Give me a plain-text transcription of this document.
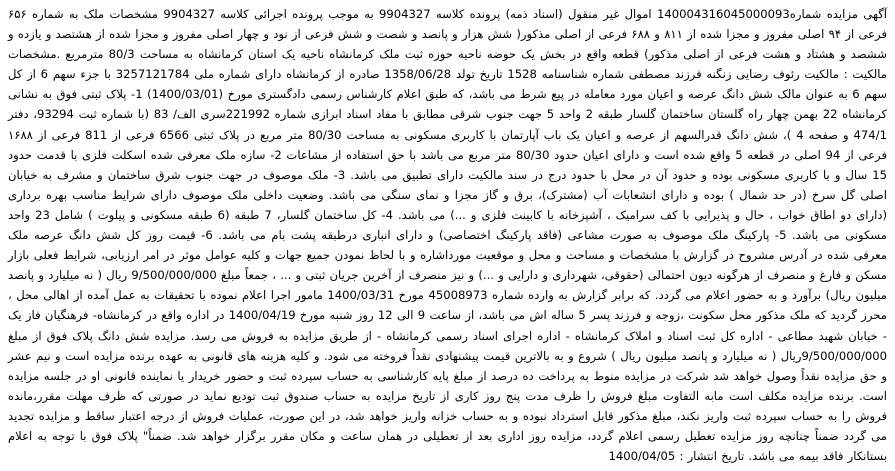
آگهی مزایده شماره140004316045000093 اموال غیر منقول (اسناد ذمه) پرونده کلاسه 9904327 به موجب پرونده اجرائی کلاسه 9904327 مشخصات ملک به شماره ۶۵۶ فرعی از ۹۴ اصلی مفروز و مجزا شده از ۸۱۱ و ۶۸۸ فرعی از اصلی مذکور( شش هزار و پانصد و شصت و شش فرعی از نود و چهار اصلی مفروز و مجزا شده از هشتصد و یازده و ششصد و هشتاد و هشت فرعی از اصلی مذکور) قطعه واقع در بخش یک حوضه ناحیه حوزه ثبت ملک کرمانشاه ناحیه یک استان کرمانشاه به مساحت 80/3 مترمربع .مشخصات مالکیت : مالکیت رئوف رضایی زنگنه فرزند مصطفی شماره شناسنامه 1528 تاریخ تولد 1358/06/28 صادره از کرمانشاه دارای شماره ملی 3257121784 با جزء سهم 6 از کل سهم 6 به عنوان مالک شش دانگ عرصه و اعیان مورد معامله در پیع شرط می باشد، که طبق اعلام کارشناس رسمی دادگستری مورخ (1400/03/01) 1- پلاک ثبتی فوق به نشانی کرمانشاه 22 بهمن چهار راه گلستان ساختمان گلسار طبقه 2 واحد 5 جهت جنوب شرقی مطابق با مفاد اسناد ابرازی شماره 221992سری الف/ 83 (با شماره ثبت 93294، دفتر 474/1 و صفحه 4 )، شش دانگ قدرالسهم از عرصه و اعیان یک باب آپارتمان با کاربری مسکونی به مساحت 80/30 متر مربع در پلاک ثبتی 6566 فرعی از 811 فرعی از ۱۶۸۸ فرعی از 94 اصلی در قطعه 5 واقع شده است و دارای اعیان حدود 80/30 متر مربع می باشد با حق استفاده از مشاعات 2- سازه ملک معرفی شده اسکلت فلزی با قدمت حدود 15 سال و با کاربری مسکونی بوده و حدود آن در محل با حدود درج در سند مالکیت دارای تطبیق می باشد. 3- ملک موصوف در جهت جنوب شرق ساختمان و مشرف به خیابان اصلی گل سرخ (در حد شمال ) بوده و دارای انشعابات آب (مشترک)، برق و گاز مجزا و نمای سنگی می باشد. وضعیت داخلی ملک موصوف دارای شرایط مناسب بهره برداری (دارای دو اطاق خواب ، حال و پذیرایی با کف سرامیک ، آشپزخانه با کابینت فلزی و ...) می باشد. 4- کل ساختمان گلسار، 7 طبقه (6 طبقه مسکونی و پیلوت ) شامل 23 واحد مسکونی می باشد. 5- پارکینگ ملک موصوف به صورت مشاعی (فاقد پارکینگ اختصاصی) و دارای انباری درطبقه پشت بام می باشد. 6- قیمت روز کل شش دانگ عرصه ملک معرفی شده در آدرس مشروح در گزارش با مشخصات و مساحت و محل و موقعیت مورداشاره و با لحاظ نمودن جمیع جهات و کلیه عوامل موثر در امر ارزیابی، شرایط فعلی بازار مسکن و فارغ و منصرف از هرگونه دیون احتمالی (حقوقی، شهرداری و دارایی و ...) و نیز منصرف از آخرین جریان ثبتی و ... ، جمعاً مبلغ 9/500/000/000 ریال ( نه میلیارد و پانصد میلیون ریال) برآورد و به حضور اعلام می گردد. که برابر گزارش به وارده شماره 45008973 مورخ 1400/03/31 مامور اجرا اعلام نموده با تحقیقات به عمل آمده از اهالی محل ، محرز گردید که ملک مذکور محل سکونت ،زوجه و فرزند پسر 5 ساله اش می باشد، از ساعت 9 الی 12 روز شنبه مورخ 1400/04/19 در اداره واقع در کرمانشاه- فرهنگیان فاز یک - خیابان شهید مطاعی - اداره کل ثبت اسناد و املاک کرمانشاه - اداره اجرای اسناد رسمی کرمانشاه - از طریق مزایده به فروش می رسد. مزایده شش دانگ پلاک فوق از مبلغ 9/500/000/000ریال ( نه میلیارد و پانصد میلیون ریال ) شروع و به بالاترین قیمت پیشنهادی نقداً فروخته می شود. و کلیه هزینه های قانونی به عهده برنده مزایده است و نیم عشر و حق مزایده نقداً وصول خواهد شد شرکت در مزایده منوط به پرداخت ده درصد از مبلغ پایه کارشناسی به حساب سپرده ثبت و حضور خریدار یا نماینده قانونی او در جلسه مزایده است. برنده مزایده مکلف است مابه التفاوت مبلغ فروش را ظرف مدت پنج روز کاری از تاریخ مزایده به حساب صندوق ثبت تودیع نماید در صورتی که ظرف مهلت مقرر،مانده فروش را به حساب سپرده ثبت واریز نکند، مبلغ مذکور قابل استرداد نبوده و به حساب خزانه واریز خواهد شد، در این صورت، عملیات فروش از درجه اعتبار ساقط و مزایده تجدید می گردد ضمناً چنانچه روز مزایده تعطیل رسمی اعلام گردد، مزایده روز اداری بعد از تعطیلی در همان ساعت و مکان مقرر برگزار خواهد شد. ضمناً" پلاک فوق با توجه به اعلام بستانکار فاقد بیمه می باشد. تاریخ انتشار : 1400/04/05
